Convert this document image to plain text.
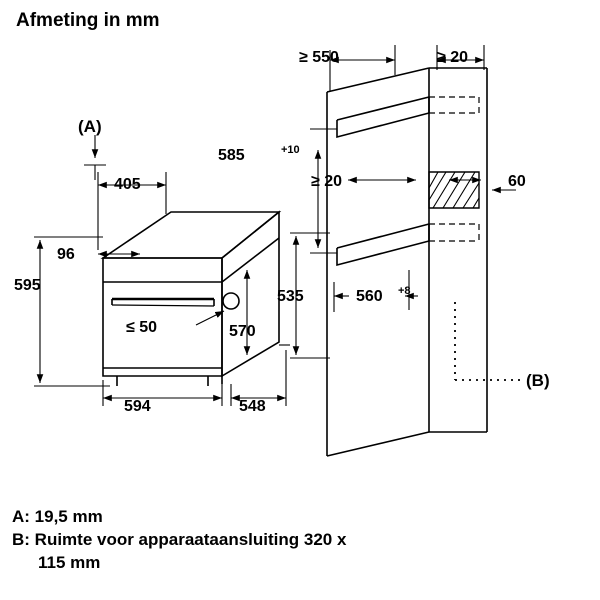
Afmeting in mm
(A)
405
96
595
≤ 50	570
594	548
535
≥ 550	≥ 20
585	+10
≥ 20	60
560 +8
(B)
A: 19,5 mm
B: Ruimte voor apparaataansluiting 320 x
115 mm
